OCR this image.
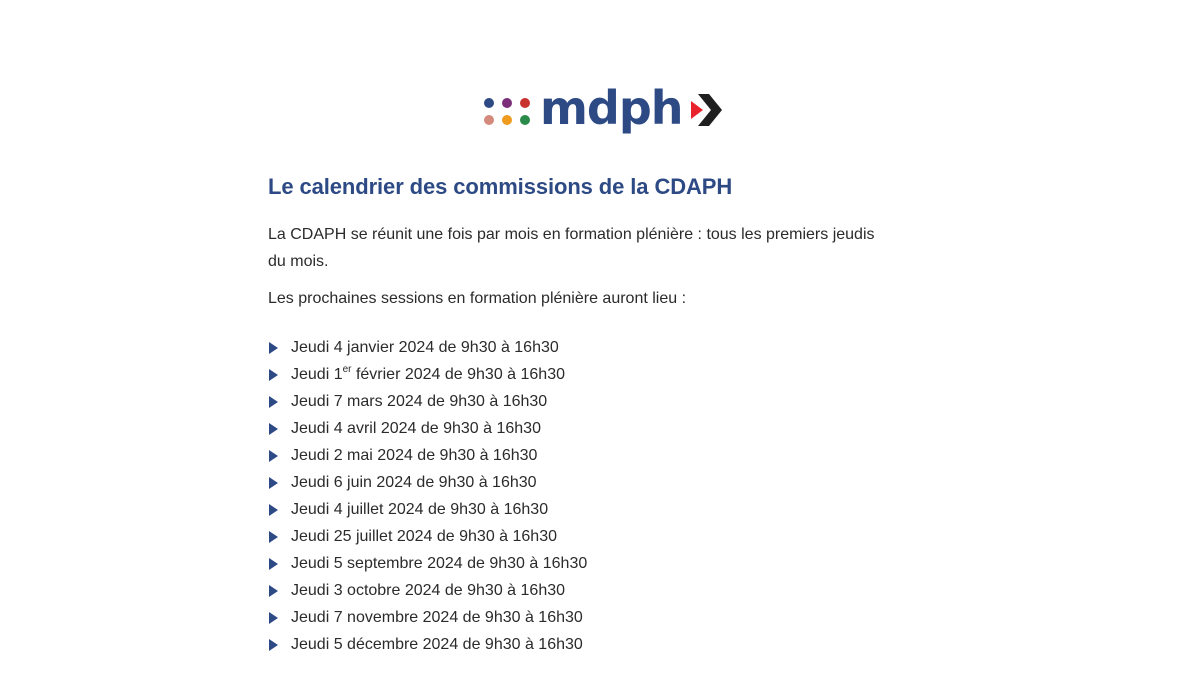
mdph
Le calendrier des commissions de la CDAPH

La CDAPH se réunit une fois par mois en formation plénière : tous les premiers jeudis du mois.

Les prochaines sessions en formation plénière auront lieu :

Jeudi 4 janvier 2024 de 9h30 à 16h30
Jeudi 1er février 2024 de 9h30 à 16h30
Jeudi 7 mars 2024 de 9h30 à 16h30
Jeudi 4 avril 2024 de 9h30 à 16h30
Jeudi 2 mai 2024 de 9h30 à 16h30
Jeudi 6 juin 2024 de 9h30 à 16h30
Jeudi 4 juillet 2024 de 9h30 à 16h30
Jeudi 25 juillet 2024 de 9h30 à 16h30
Jeudi 5 septembre 2024 de 9h30 à 16h30
Jeudi 3 octobre 2024 de 9h30 à 16h30
Jeudi 7 novembre 2024 de 9h30 à 16h30
Jeudi 5 décembre 2024 de 9h30 à 16h30
